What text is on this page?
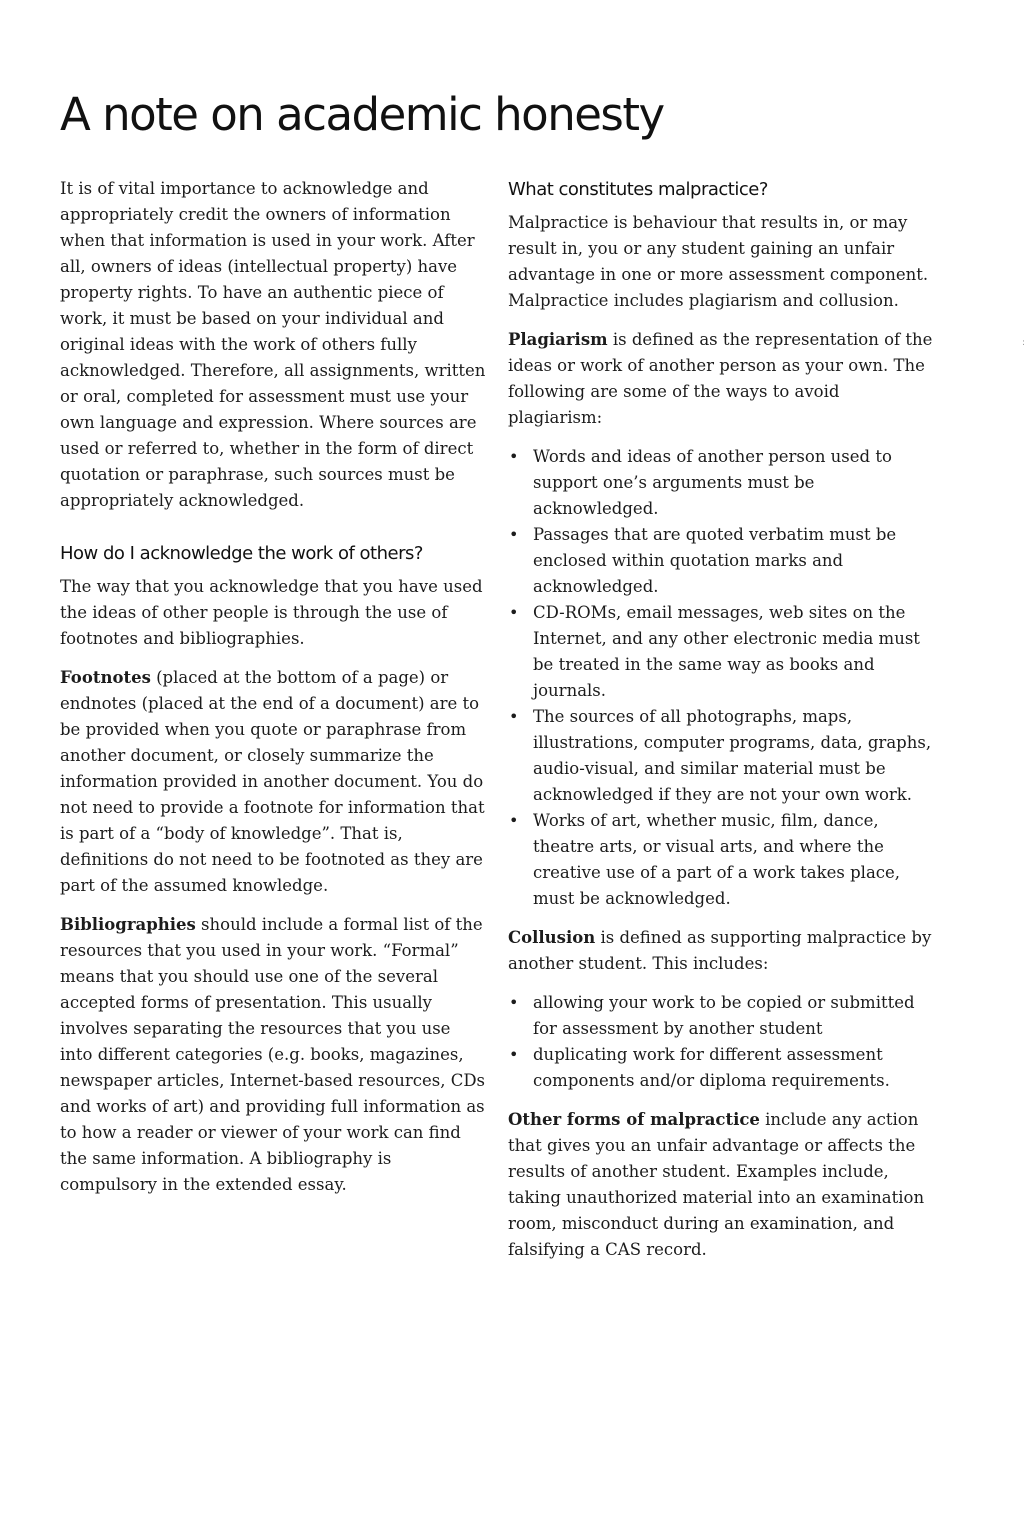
A note on academic honesty

It is of vital importance to acknowledge and appropriately credit the owners of information when that information is used in your work. After all, owners of ideas (intellectual property) have property rights. To have an authentic piece of work, it must be based on your individual and original ideas with the work of others fully acknowledged. Therefore, all assignments, written or oral, completed for assessment must use your own language and expression. Where sources are used or referred to, whether in the form of direct quotation or paraphrase, such sources must be appropriately acknowledged.

How do I acknowledge the work of others?

The way that you acknowledge that you have used the ideas of other people is through the use of footnotes and bibliographies.

Footnotes (placed at the bottom of a page) or endnotes (placed at the end of a document) are to be provided when you quote or paraphrase from another document, or closely summarize the information provided in another document. You do not need to provide a footnote for information that is part of a “body of knowledge”. That is, definitions do not need to be footnoted as they are part of the assumed knowledge.

Bibliographies should include a formal list of the resources that you used in your work. “Formal” means that you should use one of the several accepted forms of presentation. This usually involves separating the resources that you use into different categories (e.g. books, magazines, newspaper articles, Internet-based resources, CDs and works of art) and providing full information as to how a reader or viewer of your work can find the same information. A bibliography is compulsory in the extended essay.

What constitutes malpractice?

Malpractice is behaviour that results in, or may result in, you or any student gaining an unfair advantage in one or more assessment component. Malpractice includes plagiarism and collusion.

Plagiarism is defined as the representation of the ideas or work of another person as your own. The following are some of the ways to avoid plagiarism:

• Words and ideas of another person used to support one’s arguments must be acknowledged.
• Passages that are quoted verbatim must be enclosed within quotation marks and acknowledged.
• CD-ROMs, email messages, web sites on the Internet, and any other electronic media must be treated in the same way as books and journals.
• The sources of all photographs, maps, illustrations, computer programs, data, graphs, audio-visual, and similar material must be acknowledged if they are not your own work.
• Works of art, whether music, film, dance, theatre arts, or visual arts, and where the creative use of a part of a work takes place, must be acknowledged.

Collusion is defined as supporting malpractice by another student. This includes:

• allowing your work to be copied or submitted for assessment by another student
• duplicating work for different assessment components and/or diploma requirements.

Other forms of malpractice include any action that gives you an unfair advantage or affects the results of another student. Examples include, taking unauthorized material into an examination room, misconduct during an examination, and falsifying a CAS record.

:
